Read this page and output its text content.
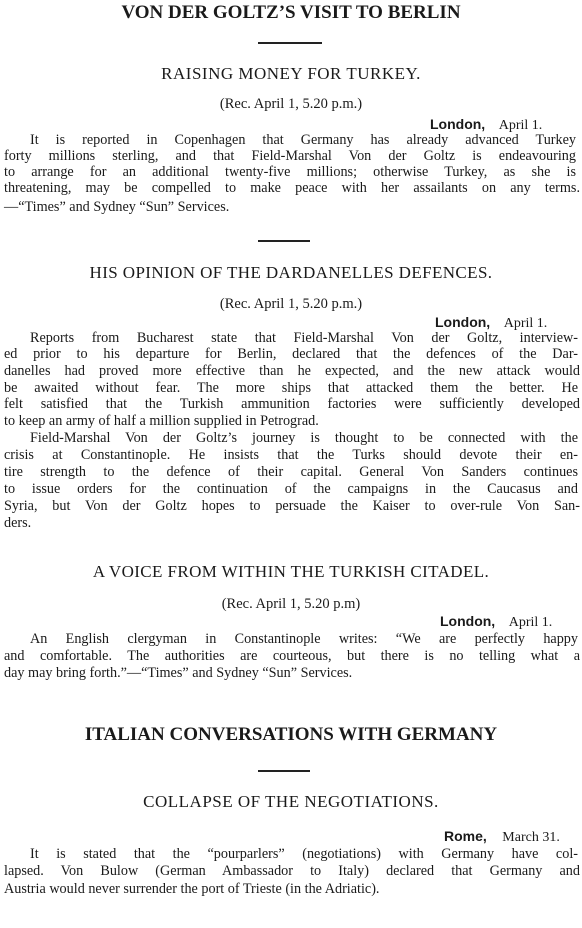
VON DER GOLTZ’S VISIT TO BERLIN
RAISING MONEY FOR TURKEY.
(Rec. April 1, 5.20 p.m.)
London, April 1.
It is reported in Copenhagen that Germany has already advanced Turkey
forty millions sterling, and that Field-Marshal Von der Goltz is endeavouring
to arrange for an additional twenty-five millions; otherwise Turkey, as she is
threatening, may be compelled to make peace with her assailants on any terms.
—“Times” and Sydney “Sun” Services.
HIS OPINION OF THE DARDANELLES DEFENCES.
(Rec. April 1, 5.20 p.m.)
London, April 1.
Reports from Bucharest state that Field-Marshal Von der Goltz, interview-
ed prior to his departure for Berlin, declared that the defences of the Dar-
danelles had proved more effective than he expected, and the new attack would
be awaited without fear. The more ships that attacked them the better. He
felt satisfied that the Turkish ammunition factories were sufficiently developed
to keep an army of half a million supplied in Petrograd.
Field-Marshal Von der Goltz’s journey is thought to be connected with the
crisis at Constantinople. He insists that the Turks should devote their en-
tire strength to the defence of their capital. General Von Sanders continues
to issue orders for the continuation of the campaigns in the Caucasus and
Syria, but Von der Goltz hopes to persuade the Kaiser to over-rule Von San-
ders.
A VOICE FROM WITHIN THE TURKISH CITADEL.
(Rec. April 1, 5.20 p.m)
London, April 1.
An English clergyman in Constantinople writes: “We are perfectly happy
and comfortable. The authorities are courteous, but there is no telling what a
day may bring forth.”—“Times” and Sydney “Sun” Services.
ITALIAN CONVERSATIONS WITH GERMANY
COLLAPSE OF THE NEGOTIATIONS.
Rome, March 31.
It is stated that the “pourparlers” (negotiations) with Germany have col-
lapsed. Von Bulow (German Ambassador to Italy) declared that Germany and
Austria would never surrender the port of Trieste (in the Adriatic).
